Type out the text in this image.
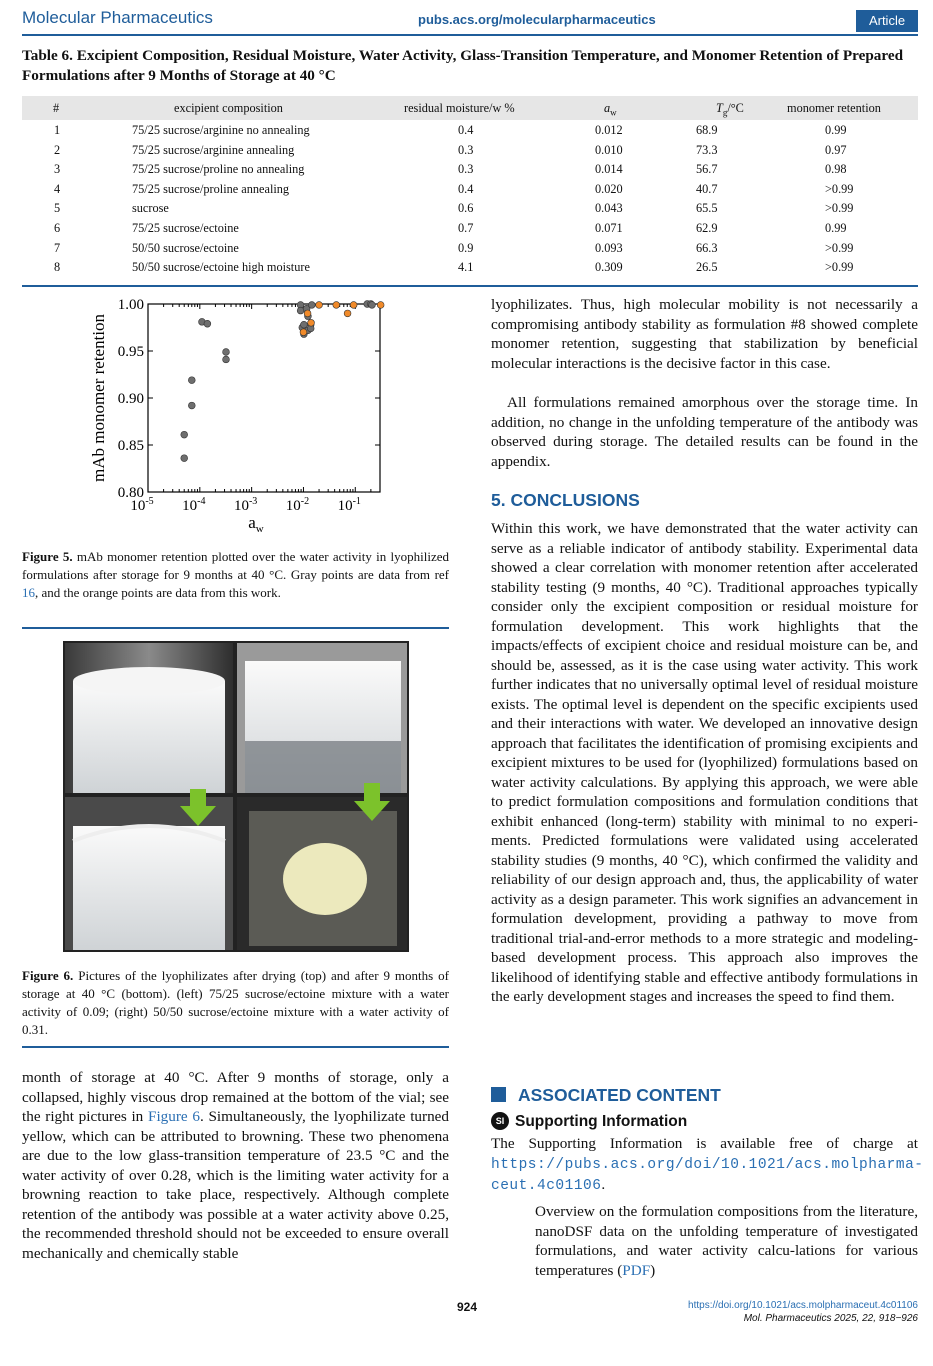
Molecular Pharmaceutics	pubs.acs.org/molecularpharmaceutics	Article
Table 6. Excipient Composition, Residual Moisture, Water Activity, Glass-Transition Temperature, and Monomer Retention of Prepared Formulations after 9 Months of Storage at 40 °C
#	excipient composition	residual moisture/w %	$a_w$	$T_g/^\circ C$	monomer retention
1	75/25 sucrose/arginine no annealing	0.4	0.012	68.9	0.99
2	75/25 sucrose/arginine annealing	0.3	0.010	73.3	0.97
3	75/25 sucrose/proline no annealing	0.3	0.014	56.7	0.98
4	75/25 sucrose/proline annealing	0.4	0.020	40.7	>0.99
5	sucrose	0.6	0.043	65.5	>0.99
6	75/25 sucrose/ectoine	0.7	0.071	62.9	0.99
7	50/50 sucrose/ectoine	0.9	0.093	66.3	>0.99
8	50/50 sucrose/ectoine high moisture	4.1	0.309	26.5	>0.99
$10^{-5}$ $10^{-4}$ $10^{-3}$ $10^{-2}$ $10^{-1}$
0.80
0.85
0.90
0.95
1.00
$a_w$
mAb monomer retention
Figure 5. mAb monomer retention plotted over the water activity in lyophilized formulations after storage for 9 months at 40 °C. Gray points are data from ref 16, and the orange points are data from this work.
Figure 6. Pictures of the lyophilizates after drying (top) and after 9 months of storage at 40 °C (bottom). (left) 75/25 sucrose/ectoine mixture with a water activity of 0.09; (right) 50/50 sucrose/ectoine mixture with a water activity of 0.31.
month of storage at 40 °C. After 9 months of storage, only a collapsed, highly viscous drop remained at the bottom of the vial; see the right pictures in Figure 6. Simultaneously, the lyophilizate turned yellow, which can be attributed to browning. These two phenomena are due to the low glass-transition temperature of 23.5 °C and the water activity of over 0.28, which is the limiting water activity for a browning reaction to take place, respectively. Although complete retention of the antibody was possible at a water activity above 0.25, the recommended threshold should not be exceeded to ensure overall mechanically and chemically stable
lyophilizates. Thus, high molecular mobility is not necessarily a compromising antibody stability as formulation #8 showed complete monomer retention, suggesting that stabilization by beneficial molecular interactions is the decisive factor in this case.
All formulations remained amorphous over the storage time. In addition, no change in the unfolding temperature of the antibody was observed during storage. The detailed results can be found in the appendix.
5. CONCLUSIONS
Within this work, we have demonstrated that the water activity can serve as a reliable indicator of antibody stability. Experimental data showed a clear correlation with monomer retention after accelerated stability testing (9 months, 40 °C). Traditional approaches typically consider only the excipient composition or residual moisture for formulation development. This work highlights that the impacts/effects of excipient choice and residual moisture can be, and should be, assessed, as it is the case using water activity. This work further indicates that no universally optimal level of residual moisture exists. The optimal level is dependent on the specific excipients used and their interactions with water. We developed an innovative design approach that facilitates the identification of promising excipients and excipient mixtures to be used for (lyophilized) formulations based on water activity calculations. By applying this approach, we were able to predict formulation compositions and formulation conditions that exhibit enhanced (long-term) stability with minimal to no experi-ments. Predicted formulations were validated using accelerated stability studies (9 months, 40 °C), which confirmed the validity and reliability of our design approach and, thus, the applicability of water activity as a design parameter. This work signifies an advancement in formulation development, providing a pathway to move from traditional trial-and-error methods to a more strategic and modeling-based development process. This approach also improves the likelihood of identifying stable and effective antibody formulations in the early development stages and increases the speed to find them.
ASSOCIATED CONTENT
SI Supporting Information
The Supporting Information is available free of charge at https://pubs.acs.org/doi/10.1021/acs.molpharma-ceut.4c01106.
Overview on the formulation compositions from the literature, nanoDSF data on the unfolding temperature of investigated formulations, and water activity calcu-lations for various temperatures (PDF)
924	https://doi.org/10.1021/acs.molpharmaceut.4c01106
Mol. Pharmaceutics 2025, 22, 918−926
